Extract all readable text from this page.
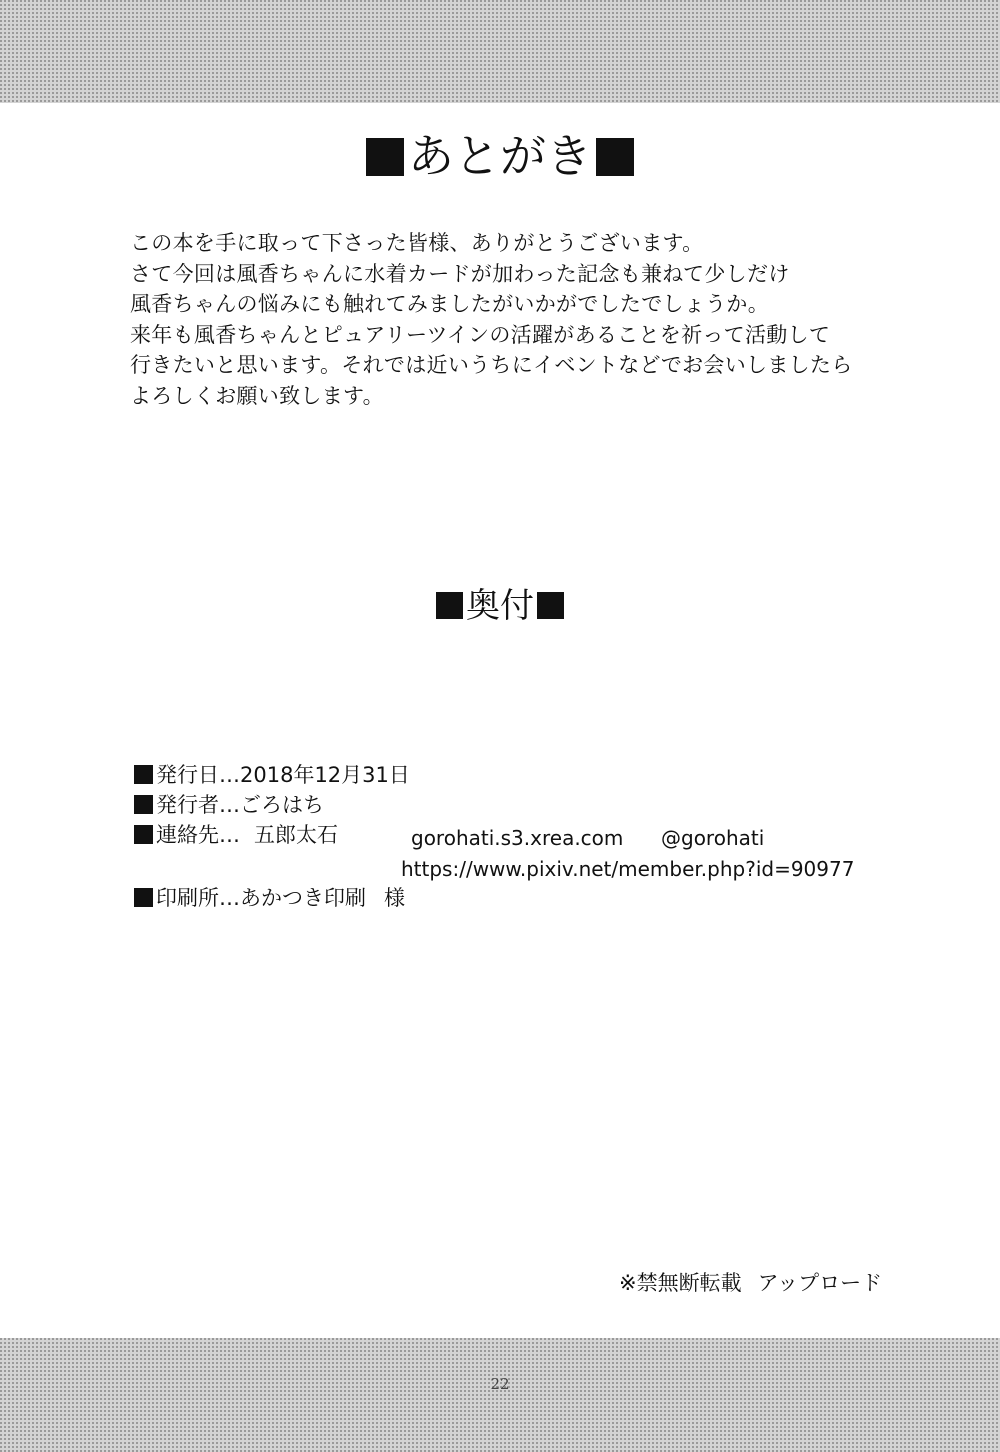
あとがき
この本を手に取って下さった皆様、ありがとうございます。
さて今回は風香ちゃんに水着カードが加わった記念も兼ねて少しだけ
風香ちゃんの悩みにも触れてみましたがいかがでしたでしょうか。
来年も風香ちゃんとピュアリーツインの活躍があることを祈って活動して
行きたいと思います。それでは近いうちにイベントなどでお会いしましたら
よろしくお願い致します。
奥付
発行日…2018年12月31日
発行者…ごろはち
連絡先… 五郎太石	gorohati.s3.xrea.com @gorohati
https://www.pixiv.net/member.php?id=90977
印刷所…あかつき印刷 様
※禁無断転載 アップロード
22
